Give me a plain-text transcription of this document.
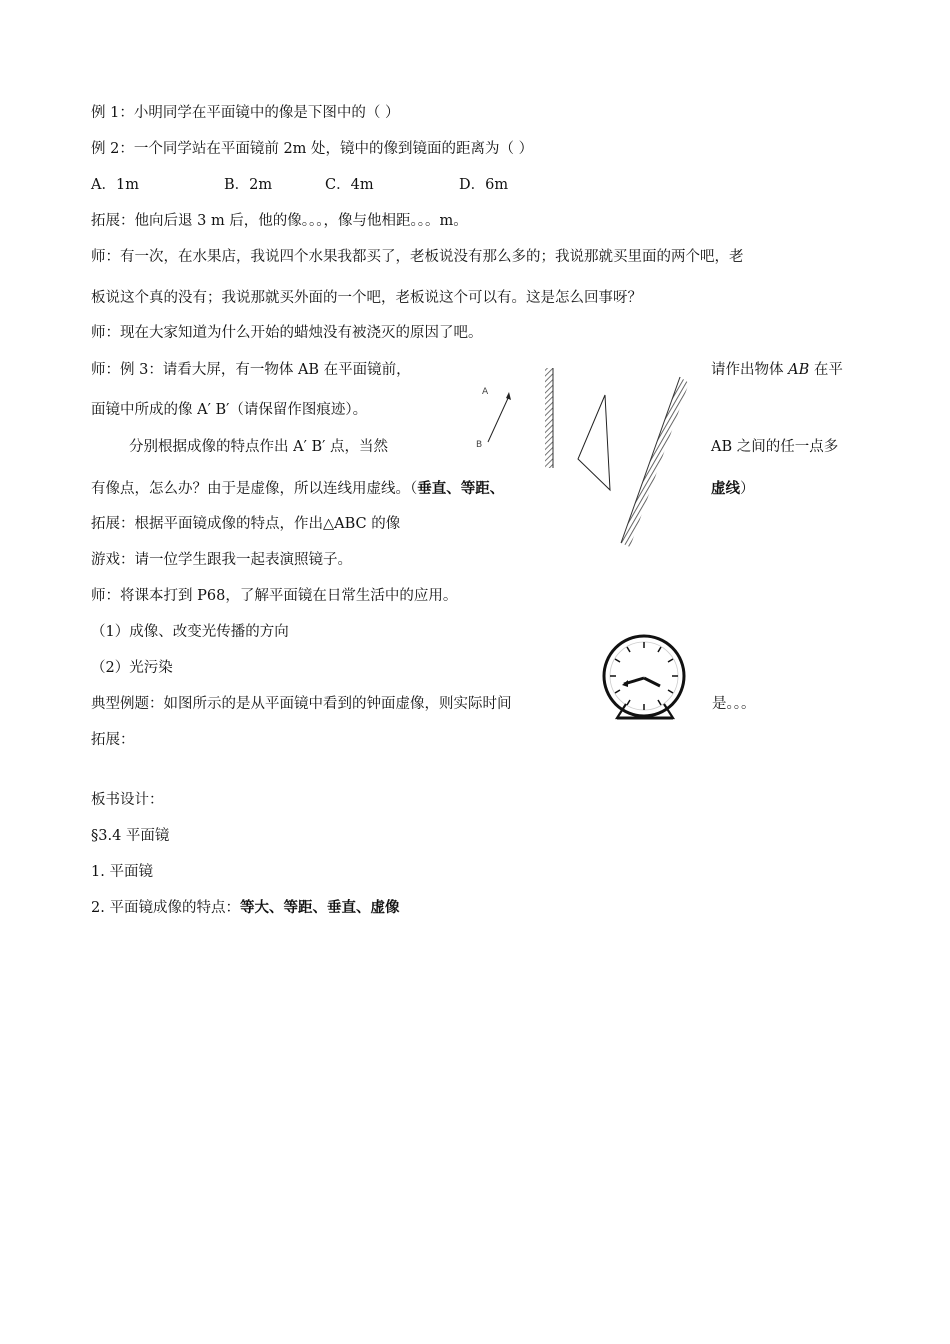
例 1：小明同学在平面镜中的像是下图中的（ ）
例 2：一个同学站在平面镜前 2m 处，镜中的像到镜面的距离为（ ）
A．1m	B．2m	C．4m	D．6m
拓展：他向后退 3 m 后，他的像。。。，像与他相距。。。m。
师：有一次，在水果店，我说四个水果我都买了，老板说没有那么多的；我说那就买里面的两个吧，老
板说这个真的没有；我说那就买外面的一个吧，老板说这个可以有。这是怎么回事呀？
师：现在大家知道为什么开始的蜡烛没有被浇灭的原因了吧。
师：例 3：请看大屏，有一物体 AB 在平面镜前，	请作出物体 AB 在平
面镜中所成的像 A′ B′（请保留作图痕迹）。
分别根据成像的特点作出 A′ B′ 点，当然	AB 之间的任一点多
有像点，怎么办？由于是虚像，所以连线用虚线。（垂直、等距、	虚线）
拓展：根据平面镜成像的特点，作出△ABC 的像
游戏：请一位学生跟我一起表演照镜子。
师：将课本打到 P68，了解平面镜在日常生活中的应用。
（1）成像、改变光传播的方向
（2）光污染
典型例题：如图所示的是从平面镜中看到的钟面虚像，则实际时间	是。。。
拓展：
板书设计：
§3.4 平面镜
1. 平面镜
2. 平面镜成像的特点：等大、等距、垂直、虚像
A
B
